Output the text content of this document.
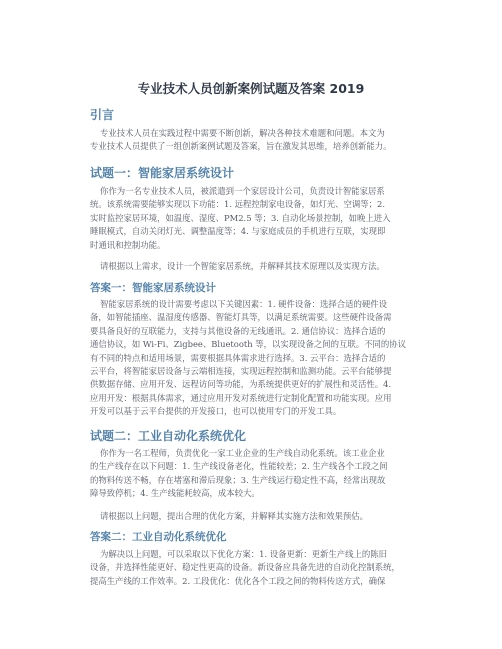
专业技术人员创新案例试题及答案 2019
引言
专业技术人员在实践过程中需要不断创新，解决各种技术难题和问题。本文为
专业技术人员提供了一组创新案例试题及答案，旨在激发其思维，培养创新能力。
试题一：智能家居系统设计
你作为一名专业技术人员，被派遣到一个家居设计公司，负责设计智能家居系
统。该系统需要能够实现以下功能：1. 远程控制家电设备，如灯光、空调等；2.
实时监控家居环境，如温度、湿度、PM2.5 等；3. 自动化场景控制，如晚上进入
睡眠模式，自动关闭灯光、调整温度等；4. 与家庭成员的手机进行互联，实现即
时通讯和控制功能。
请根据以上需求，设计一个智能家居系统，并解释其技术原理以及实现方法。
答案一：智能家居系统设计
智能家居系统的设计需要考虑以下关键因素：1. 硬件设备：选择合适的硬件设
备，如智能插座、温湿度传感器、智能灯具等，以满足系统需要。这些硬件设备需
要具备良好的互联能力，支持与其他设备的无线通讯。2. 通信协议：选择合适的
通信协议，如 Wi-Fi、Zigbee、Bluetooth 等，以实现设备之间的互联。不同的协议
有不同的特点和适用场景，需要根据具体需求进行选择。3. 云平台：选择合适的
云平台，将智能家居设备与云端相连接，实现远程控制和监测功能。云平台能够提
供数据存储、应用开发、远程访问等功能，为系统提供更好的扩展性和灵活性。4.
应用开发：根据具体需求，通过应用开发对系统进行定制化配置和功能实现。应用
开发可以基于云平台提供的开发接口，也可以使用专门的开发工具。
试题二：工业自动化系统优化
你作为一名工程师，负责优化一家工业企业的生产线自动化系统。该工业企业
的生产线存在以下问题：1. 生产线设备老化，性能较差；2. 生产线各个工段之间
的物料传送不畅，存在堵塞和滞后现象；3. 生产线运行稳定性不高，经常出现故
障导致停机；4. 生产线能耗较高，成本较大。
请根据以上问题，提出合理的优化方案，并解释其实施方法和效果预估。
答案二：工业自动化系统优化
为解决以上问题，可以采取以下优化方案：1. 设备更新：更新生产线上的陈旧
设备，并选择性能更好、稳定性更高的设备。新设备应具备先进的自动化控制系统，
提高生产线的工作效率。2. 工段优化：优化各个工段之间的物料传送方式，确保
